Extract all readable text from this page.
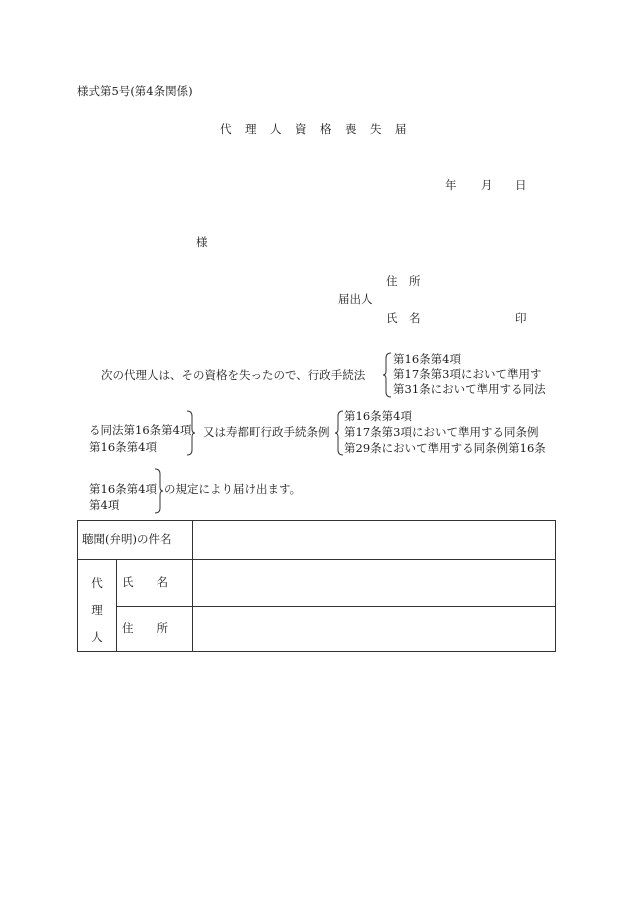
様式第5号(第4条関係)
代　理　人　資　格　喪　失　届
年 月 日
様
住　所
届出人
氏　名	印
次の代理人は、その資格を失ったので、行政手続法
第16条第4項
第17条第3項において準用す
第31条において準用する同法
る同法第16条第4項
第16条第4項
又は寿都町行政手続条例
第16条第4項
第17条第3項において準用する同条例
第29条において準用する同条例第16条
第16条第4項
第4項
の規定により届け出ます。
聴聞(弁明)の件名		

代
理
人	氏　　名	
	住　　所	
